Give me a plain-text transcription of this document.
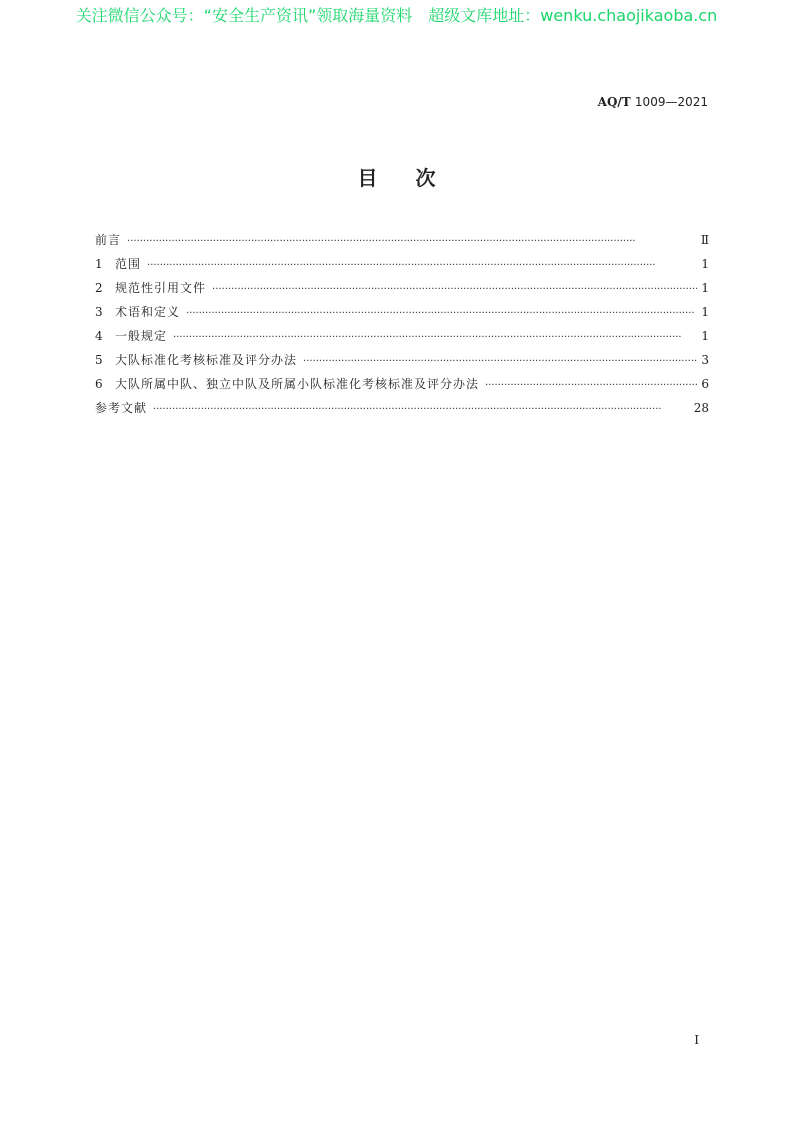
关注微信公众号：“安全生产资讯”领取海量资料　超级文库地址：wenku.chaojikaoba.cn
AQ/T 1009—2021
目次
前言 ·····	Ⅱ
1	范围 ·····	1
2	规范性引用文件 ·····	1
3	术语和定义 ·····	1
4	一般规定 ·····	1
5	大队标准化考核标准及评分办法 ·····	3
6	大队所属中队、独立中队及所属小队标准化考核标准及评分办法 ·····	6
参考文献 ·····	28
Ⅰ
